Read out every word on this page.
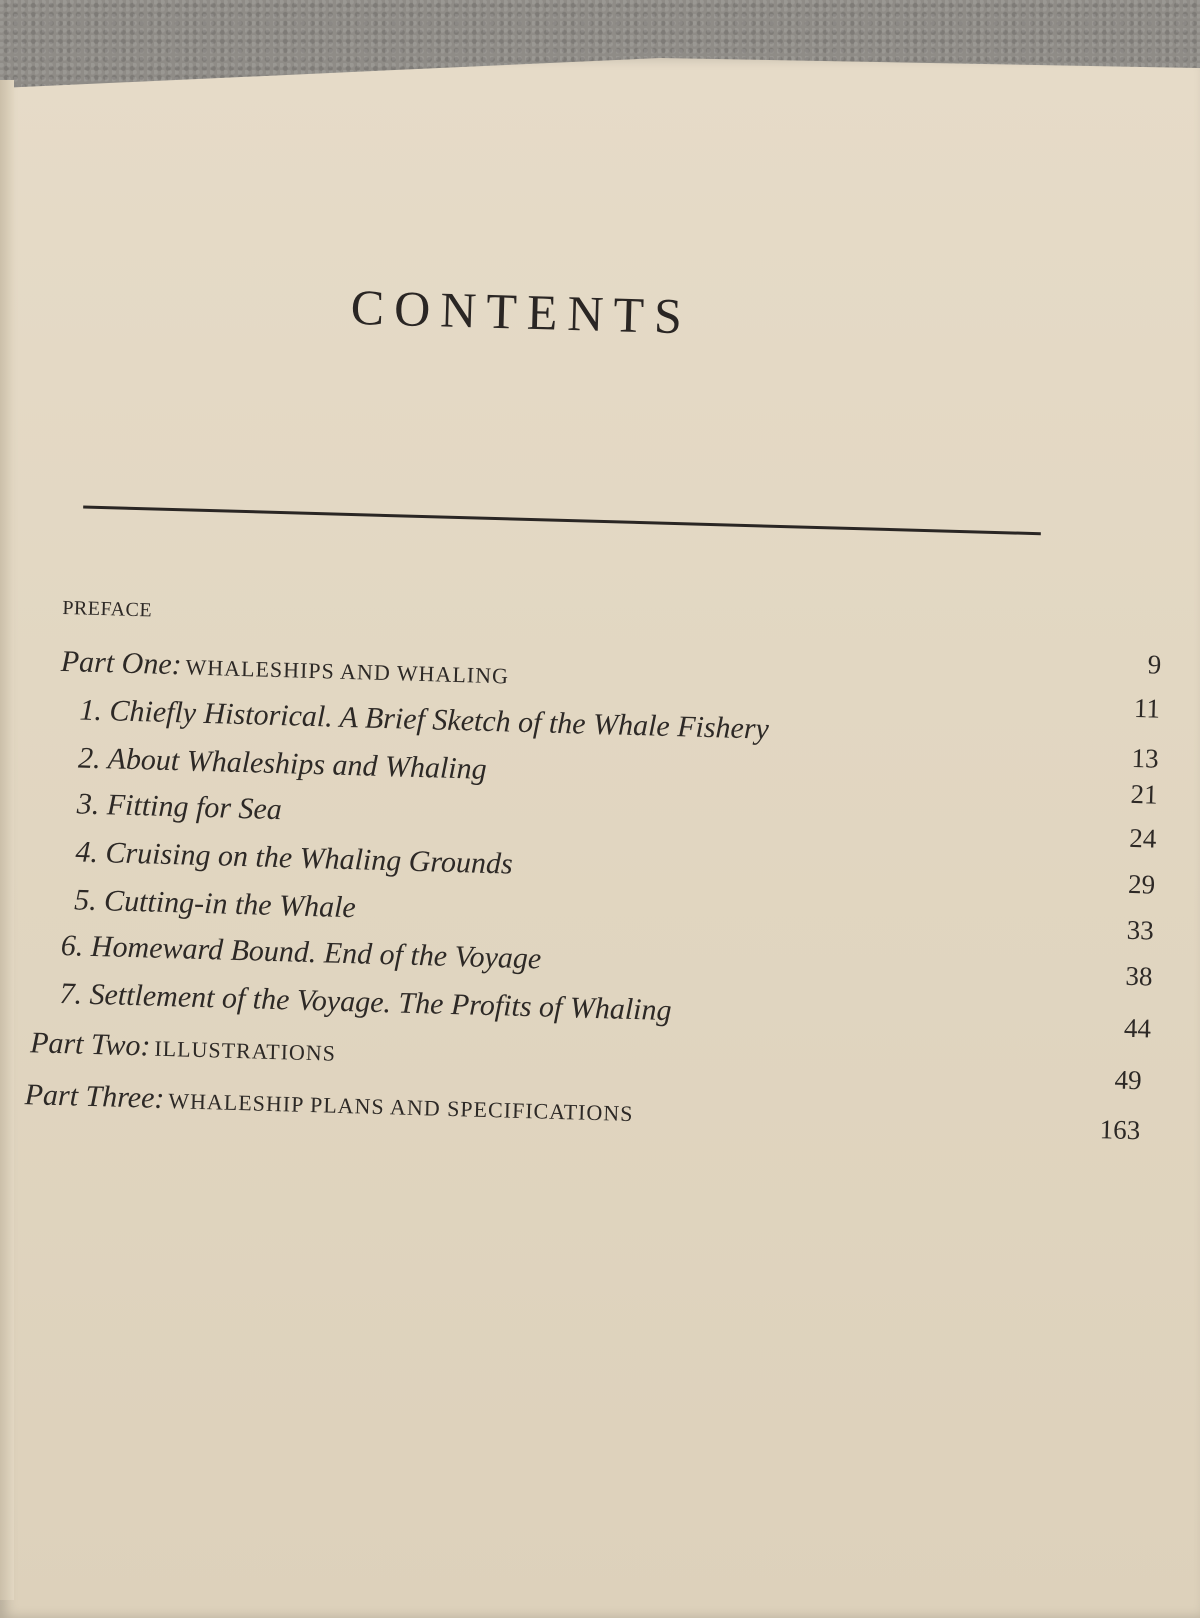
CONTENTS
PREFACE
9
Part One: WHALESHIPS AND WHALING
11
1. Chiefly Historical. A Brief Sketch of the Whale Fishery
13
2. About Whaleships and Whaling
21
3. Fitting for Sea
24
4. Cruising on the Whaling Grounds
29
5. Cutting-in the Whale
33
6. Homeward Bound. End of the Voyage
38
7. Settlement of the Voyage. The Profits of Whaling
44
Part Two: ILLUSTRATIONS
49
Part Three: WHALESHIP PLANS AND SPECIFICATIONS
163
